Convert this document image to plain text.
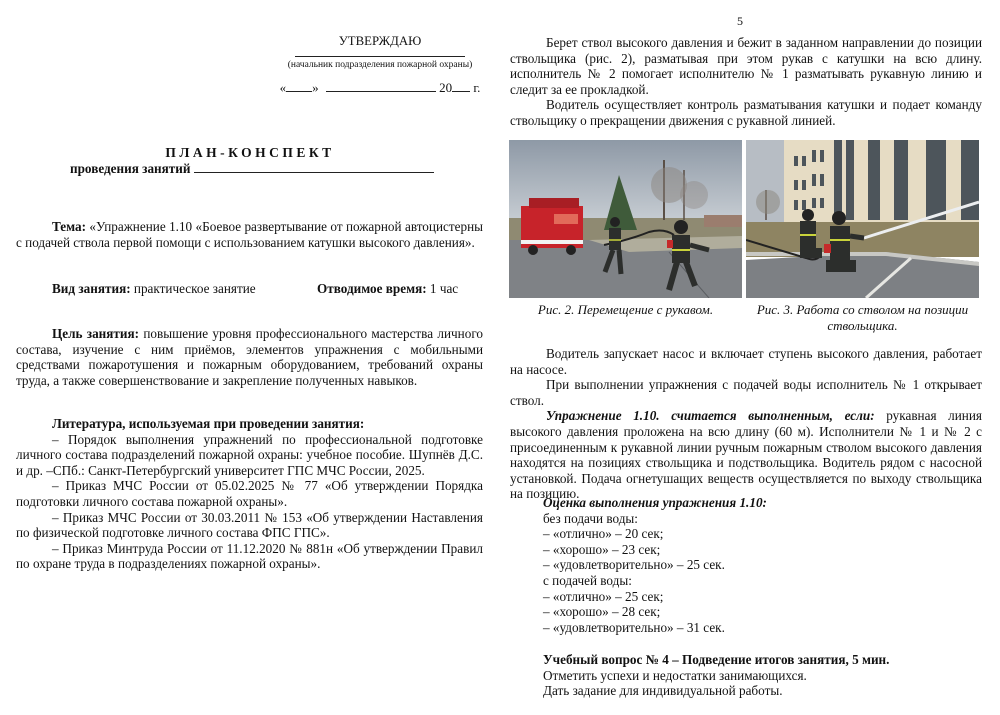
УТВЕРЖДАЮ
(начальник подразделения пожарной охраны)
« »	20 г.
ПЛАН-КОНСПЕКТ
проведения занятий

Тема: «Упражнение 1.10 «Боевое развертывание от пожарной автоцистерны с подачей ствола первой помощи с использованием катушки высокого давления».

Вид занятия: практическое занятие	Отводимое время: 1 час

Цель занятия: повышение уровня профессионального мастерства личного состава, изучение с ним приёмов, элементов упражнения с мобильными средствами пожаротушения и пожарным оборудованием, требований охраны труда, а также совершенствование и закрепление полученных навыков.

Литература, используемая при проведении занятия:

– Порядок выполнения упражнений по профессиональной подготовке личного состава подразделений пожарной охраны: учебное пособие. Шупнёв Д.С. и др. –СПб.: Санкт-Петербургский университет ГПС МЧС России, 2025.

– Приказ МЧС России от 05.02.2025 № 77 «Об утверждении Порядка подготовки личного состава пожарной охраны».

– Приказ МЧС России от 30.03.2011 № 153 «Об утверждении Наставления по физической подготовке личного состава ФПС ГПС».

– Приказ Минтруда России от 11.12.2020 № 881н «Об утверждении Правил по охране труда в подразделениях пожарной охраны».

5

Берет ствол высокого давления и бежит в заданном направлении до позиции ствольщика (рис. 2), разматывая при этом рукав с катушки на всю длину. исполнитель № 2 помогает исполнителю № 1 разматывать рукавную линию и следит за ее прокладкой.

Водитель осуществляет контроль разматывания катушки и подает команду ствольщику о прекращении движения с рукавной линией.

Рис. 2. Перемещение с рукавом.	Рис. 3. Работа со стволом на позиции ствольщика.

Водитель запускает насос и включает ступень высокого давления, работает на насосе.

При выполнении упражнения с подачей воды исполнитель № 1 открывает ствол.

Упражнение 1.10. считается выполненным, если: рукавная линия высокого давления проложена на всю длину (60 м). Исполнители № 1 и № 2 с присоединенным к рукавной линии ручным пожарным стволом высокого давления находятся на позициях ствольщика и подствольщика. Водитель рядом с насосной установкой. Подача огнетушащих веществ осуществляется по выходу ствольщика на позицию.

Оценка выполнения упражнения 1.10:

без подачи воды:

– «отлично» – 20 сек;

– «хорошо» – 23 сек;

– «удовлетворительно» – 25 сек.

с подачей воды:

– «отлично» – 25 сек;

– «хорошо» – 28 сек;

– «удовлетворительно» – 31 сек.

Учебный вопрос № 4 – Подведение итогов занятия, 5 мин.

Отметить успехи и недостатки занимающихся.

Дать задание для индивидуальной работы.
